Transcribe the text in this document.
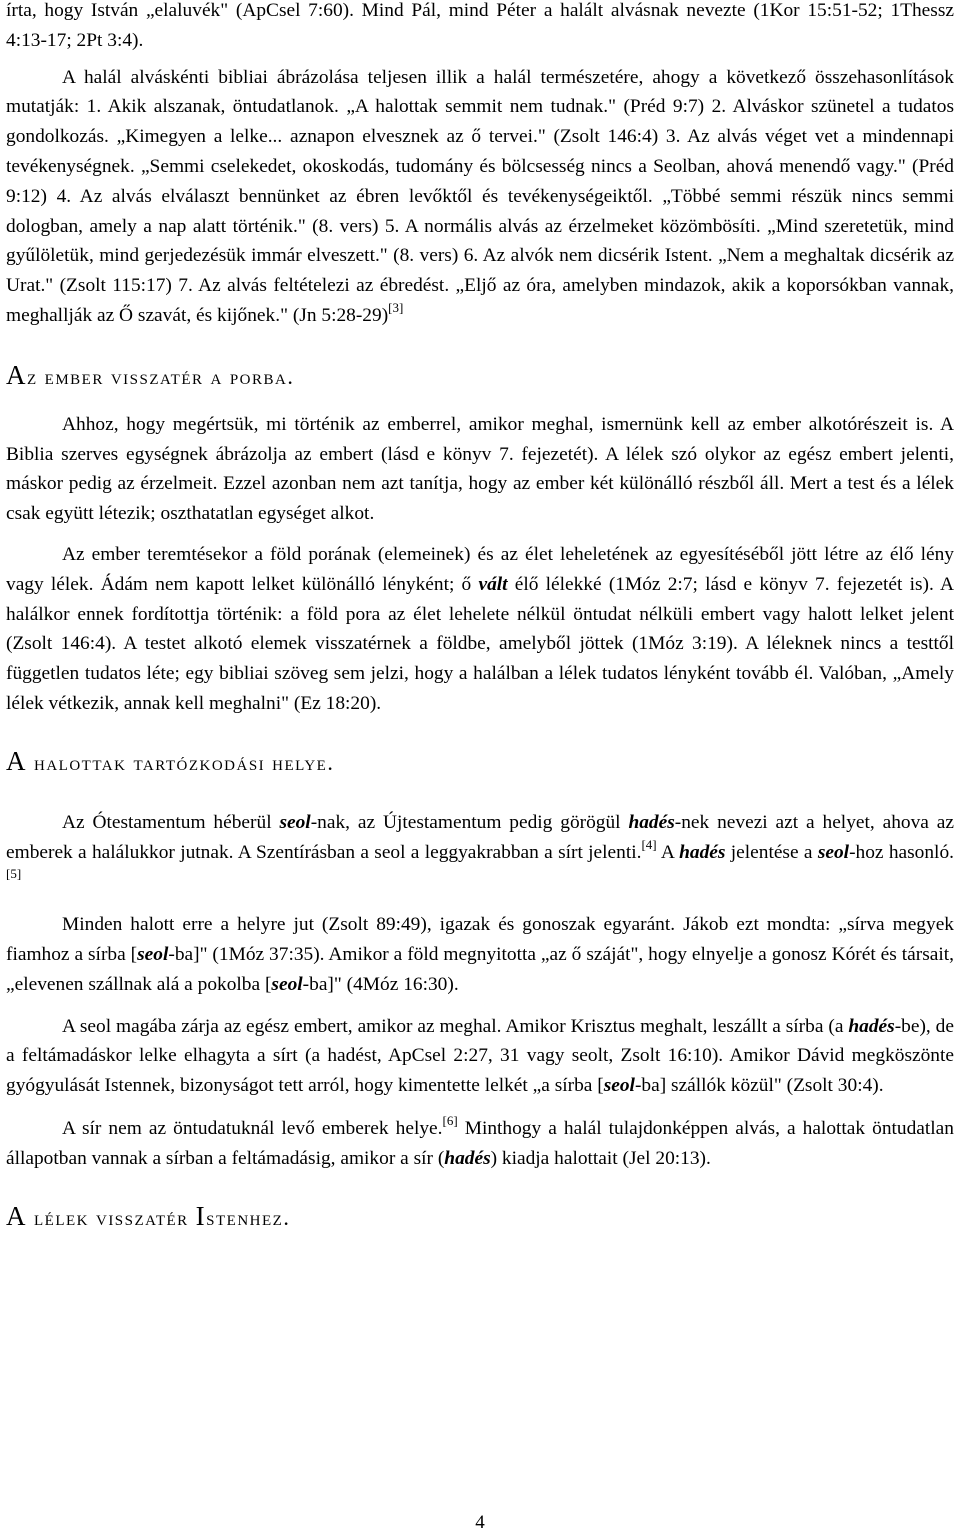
írta, hogy István „elaluvék" (ApCsel 7:60). Mind Pál, mind Péter a halált alvásnak nevezte (1Kor 15:51-52; 1Thessz 4:13-17; 2Pt 3:4).

A halál alváskénti bibliai ábrázolása teljesen illik a halál természetére, ahogy a következő összehasonlítások mutatják: 1. Akik alszanak, öntudatlanok. „A halottak semmit nem tudnak." (Préd 9:7) 2. Alváskor szünetel a tudatos gondolkozás. „Kimegyen a lelke... aznapon elvesznek az ő tervei." (Zsolt 146:4) 3. Az alvás véget vet a mindennapi tevékenységnek. „Semmi cselekedet, okoskodás, tudomány és bölcsesség nincs a Seolban, ahová menendő vagy." (Préd 9:12) 4. Az alvás elválaszt bennünket az ébren levőktől és tevékenységeiktől. „Többé semmi részük nincs semmi dologban, amely a nap alatt történik." (8. vers) 5. A normális alvás az érzelmeket közömbösíti. „Mind szeretetük, mind gyűlöletük, mind gerjedezésük immár elveszett." (8. vers) 6. Az alvók nem dicsérik Istent. „Nem a meghaltak dicsérik az Urat." (Zsolt 115:17) 7. Az alvás feltételezi az ébredést. „Eljő az óra, amelyben mindazok, akik a koporsókban vannak, meghallják az Ő szavát, és kijőnek." (Jn 5:28-29)[3]

Az ember visszatér a porba.

Ahhoz, hogy megértsük, mi történik az emberrel, amikor meghal, ismernünk kell az ember alkotórészeit is. A Biblia szerves egységnek ábrázolja az embert (lásd e könyv 7. fejezetét). A lélek szó olykor az egész embert jelenti, máskor pedig az érzelmeit. Ezzel azonban nem azt tanítja, hogy az ember két különálló részből áll. Mert a test és a lélek csak együtt létezik; oszthatatlan egységet alkot.

Az ember teremtésekor a föld porának (elemeinek) és az élet leheletének az egyesítéséből jött létre az élő lény vagy lélek. Ádám nem kapott lelket különálló lényként; ő vált élő lélekké (1Móz 2:7; lásd e könyv 7. fejezetét is). A halálkor ennek fordítottja történik: a föld pora az élet lehelete nélkül öntudat nélküli embert vagy halott lelket jelent (Zsolt 146:4). A testet alkotó elemek visszatérnek a földbe, amelyből jöttek (1Móz 3:19). A léleknek nincs a testtől független tudatos léte; egy bibliai szöveg sem jelzi, hogy a halálban a lélek tudatos lényként tovább él. Valóban, „Amely lélek vétkezik, annak kell meghalni" (Ez 18:20).

A halottak tartózkodási helye.

Az Ótestamentum héberül seol-nak, az Újtestamentum pedig görögül hadés-nek nevezi azt a helyet, ahova az emberek a halálukkor jutnak. A Szentírásban a seol a leggyakrabban a sírt jelenti.[4] A hadés jelentése a seol-hoz hasonló.[5]

Minden halott erre a helyre jut (Zsolt 89:49), igazak és gonoszak egyaránt. Jákob ezt mondta: „sírva megyek fiamhoz a sírba [seol-ba]" (1Móz 37:35). Amikor a föld megnyitotta „az ő száját", hogy elnyelje a gonosz Kórét és társait, „elevenen szállnak alá a pokolba [seol-ba]" (4Móz 16:30).

A seol magába zárja az egész embert, amikor az meghal. Amikor Krisztus meghalt, leszállt a sírba (a hadés-be), de a feltámadáskor lelke elhagyta a sírt (a hadést, ApCsel 2:27, 31 vagy seolt, Zsolt 16:10). Amikor Dávid megköszönte gyógyulását Istennek, bizonyságot tett arról, hogy kimentette lelkét „a sírba [seol-ba] szállók közül" (Zsolt 30:4).

A sír nem az öntudatuknál levő emberek helye.[6] Minthogy a halál tulajdonképpen alvás, a halottak öntudatlan állapotban vannak a sírban a feltámadásig, amikor a sír (hadés) kiadja halottait (Jel 20:13).

A lélek visszatér Istenhez.
4
